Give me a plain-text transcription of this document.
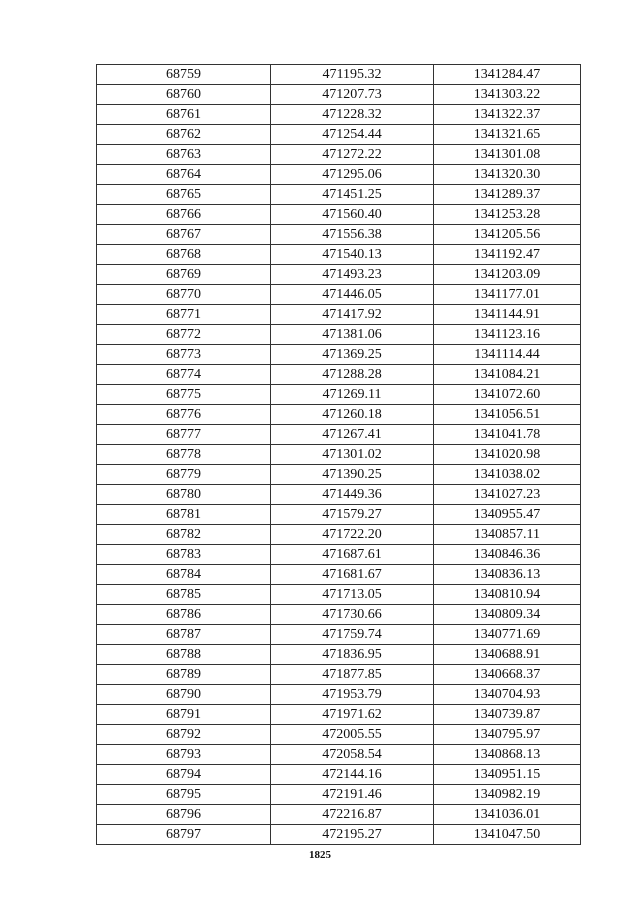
68759	471195.32	1341284.47
68760	471207.73	1341303.22
68761	471228.32	1341322.37
68762	471254.44	1341321.65
68763	471272.22	1341301.08
68764	471295.06	1341320.30
68765	471451.25	1341289.37
68766	471560.40	1341253.28
68767	471556.38	1341205.56
68768	471540.13	1341192.47
68769	471493.23	1341203.09
68770	471446.05	1341177.01
68771	471417.92	1341144.91
68772	471381.06	1341123.16
68773	471369.25	1341114.44
68774	471288.28	1341084.21
68775	471269.11	1341072.60
68776	471260.18	1341056.51
68777	471267.41	1341041.78
68778	471301.02	1341020.98
68779	471390.25	1341038.02
68780	471449.36	1341027.23
68781	471579.27	1340955.47
68782	471722.20	1340857.11
68783	471687.61	1340846.36
68784	471681.67	1340836.13
68785	471713.05	1340810.94
68786	471730.66	1340809.34
68787	471759.74	1340771.69
68788	471836.95	1340688.91
68789	471877.85	1340668.37
68790	471953.79	1340704.93
68791	471971.62	1340739.87
68792	472005.55	1340795.97
68793	472058.54	1340868.13
68794	472144.16	1340951.15
68795	472191.46	1340982.19
68796	472216.87	1341036.01
68797	472195.27	1341047.50
1825
